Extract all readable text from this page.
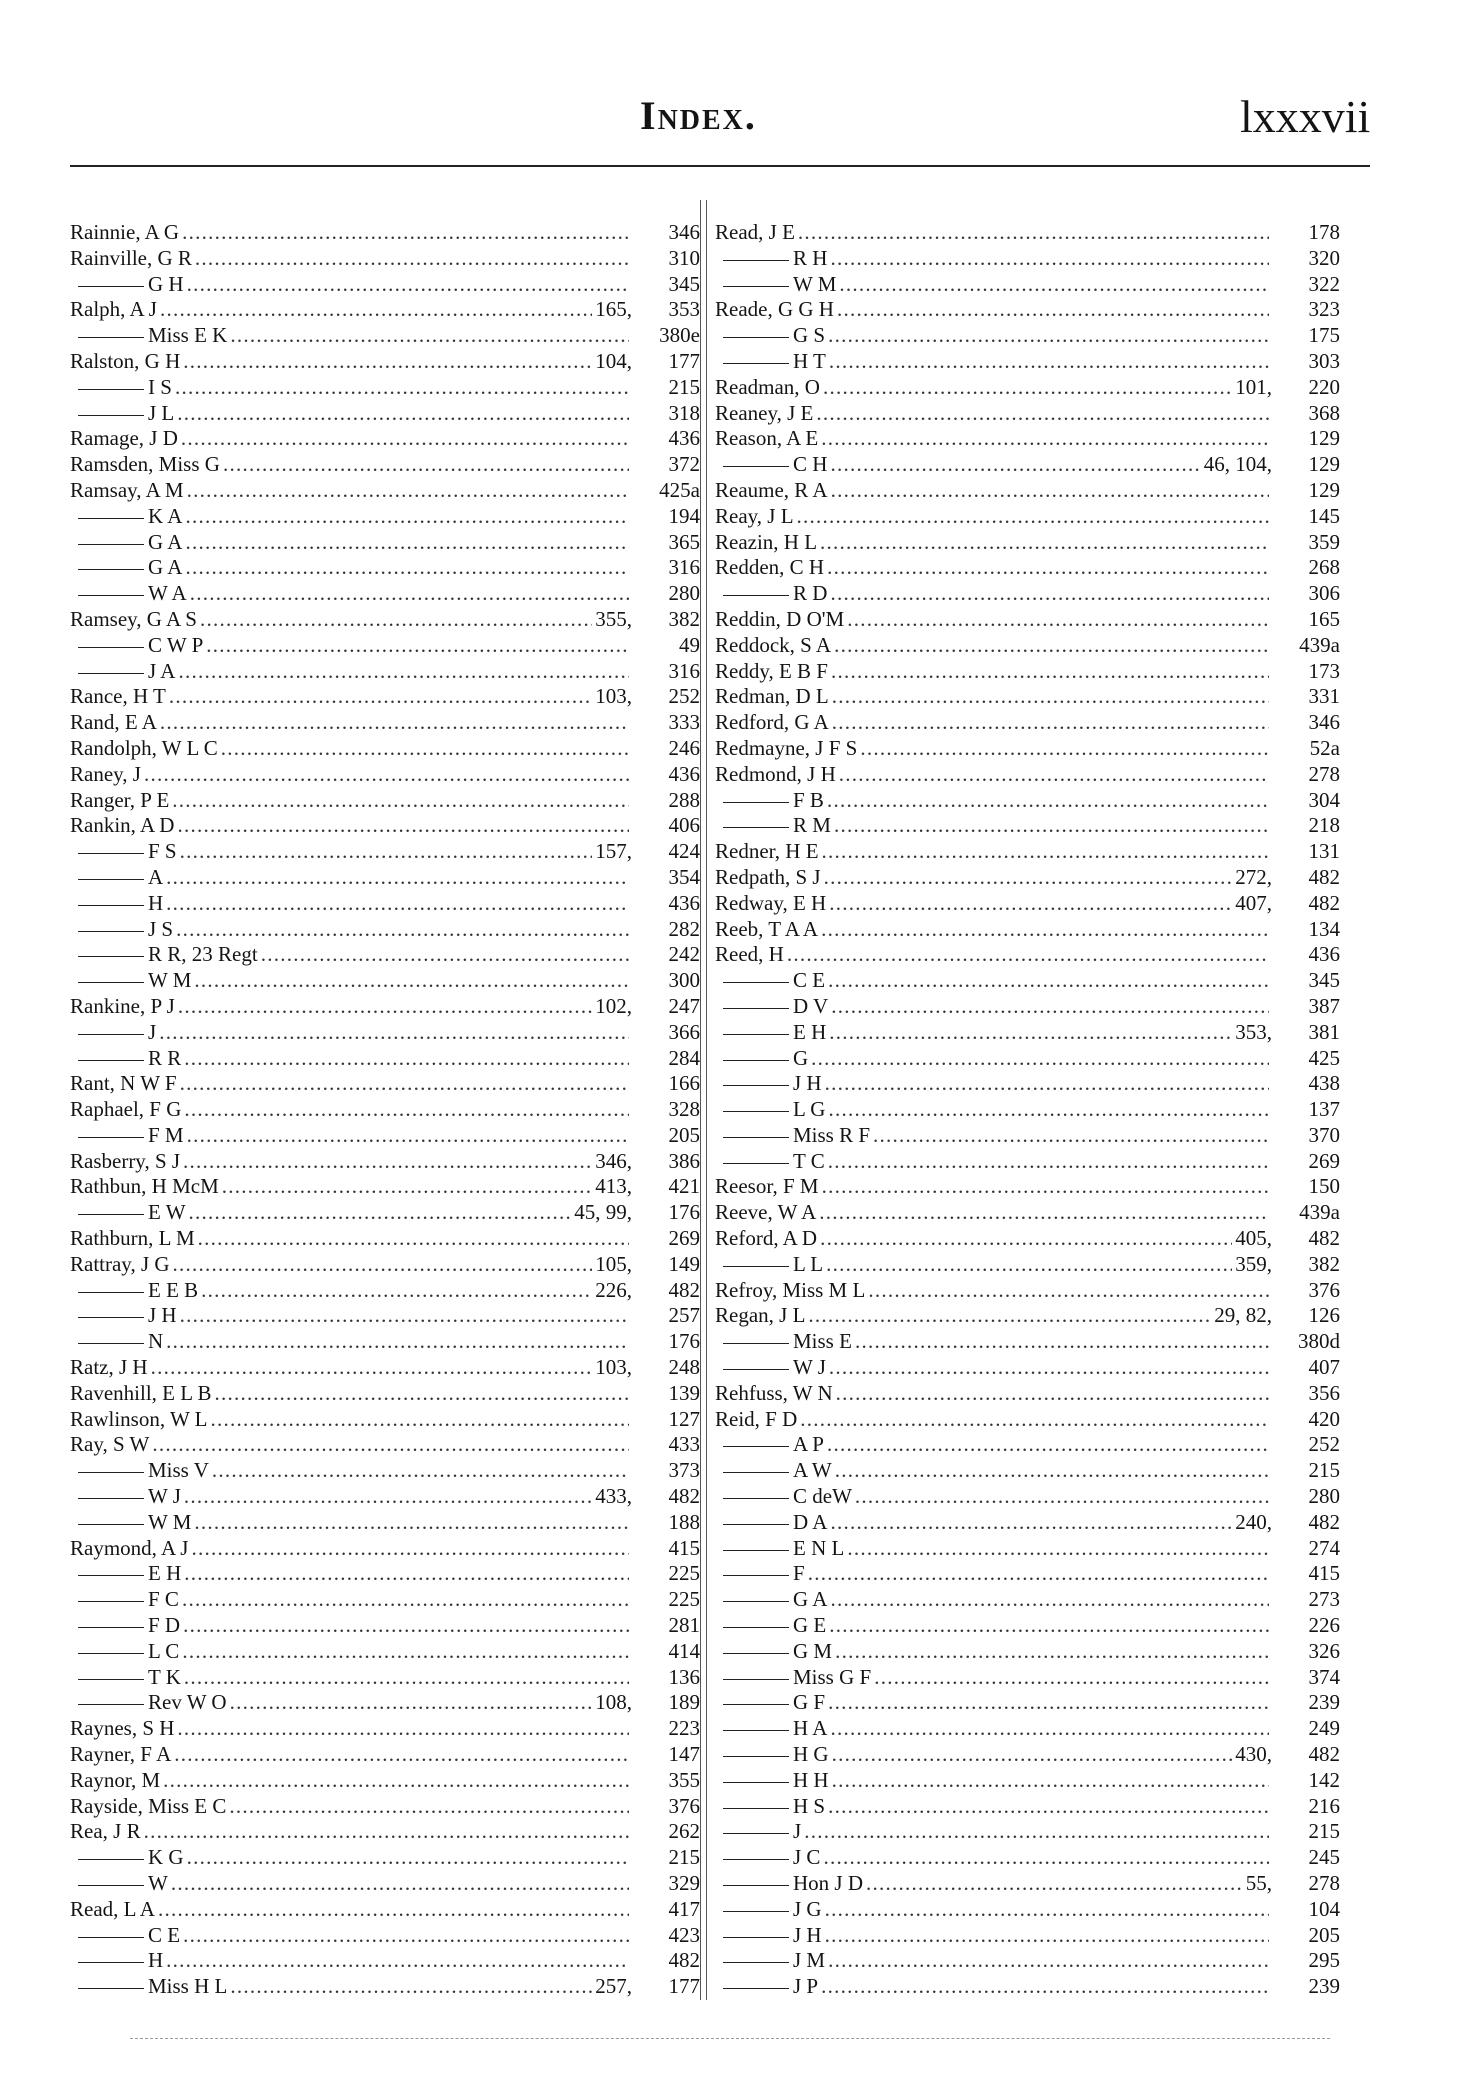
Index.	lxxxvii
Rainnie, A G . . .	346
Rainville, G R . . .	310
G H . . .	345
Ralph, A J . . .	165,	353
Miss E K . . .	380e
Ralston, G H . . .	104,	177
I S . . .	215
J L . . .	318
Ramage, J D . . .	436
Ramsden, Miss G . . .	372
Ramsay, A M . . .	425a
K A . . .	194
G A . . .	365
G A . . .	316
W A . . .	280
Ramsey, G A S . . .	355,	382
C W P . . .	49
J A . . .	316
Rance, H T . . .	103,	252
Rand, E A . . .	333
Randolph, W L C . . .	246
Raney, J . . .	436
Ranger, P E . . .	288
Rankin, A D . . .	406
F S . . .	157,	424
A . . .	354
H . . .	436
J S . . .	282
R R, 23 Regt . . .	242
W M . . .	300
Rankine, P J . . .	102,	247
J . . .	366
R R . . .	284
Rant, N W F . . .	166
Raphael, F G . . .	328
F M . . .	205
Rasberry, S J . . .	346,	386
Rathbun, H McM . . .	413,	421
E W . . .	45, 99,	176
Rathburn, L M . . .	269
Rattray, J G . . .	105,	149
E E B . . .	226,	482
J H . . .	257
N . . .	176
Ratz, J H . . .	103,	248
Ravenhill, E L B . . .	139
Rawlinson, W L . . .	127
Ray, S W . . .	433
Miss V . . .	373
W J . . .	433,	482
W M . . .	188
Raymond, A J . . .	415
E H . . .	225
F C . . .	225
F D . . .	281
L C . . .	414
T K . . .	136
Rev W O . . .	108,	189
Raynes, S H . . .	223
Rayner, F A . . .	147
Raynor, M . . .	355
Rayside, Miss E C . . .	376
Rea, J R . . .	262
K G . . .	215
W . . .	329
Read, L A . . .	417
C E . . .	423
H . . .	482
Miss H L . . .	257,	177
Read, J E . . .	178
R H . . .	320
W M . . .	322
Reade, G G H . . .	323
G S . . .	175
H T . . .	303
Readman, O . . .	101,	220
Reaney, J E . . .	368
Reason, A E . . .	129
C H . . .	46, 104,	129
Reaume, R A . . .	129
Reay, J L . . .	145
Reazin, H L . . .	359
Redden, C H . . .	268
R D . . .	306
Reddin, D O'M . . .	165
Reddock, S A . . .	439a
Reddy, E B F . . .	173
Redman, D L . . .	331
Redford, G A . . .	346
Redmayne, J F S . . .	52a
Redmond, J H . . .	278
F B . . .	304
R M . . .	218
Redner, H E . . .	131
Redpath, S J . . .	272,	482
Redway, E H . . .	407,	482
Reeb, T A A . . .	134
Reed, H . . .	436
C E . . .	345
D V . . .	387
E H . . .	353,	381
G . . .	425
J H . . .	438
L G . . .	137
Miss R F . . .	370
T C . . .	269
Reesor, F M . . .	150
Reeve, W A . . .	439a
Reford, A D . . .	405,	482
L L . . .	359,	382
Refroy, Miss M L . . .	376
Regan, J L . . .	29, 82,	126
Miss E . . .	380d
W J . . .	407
Rehfuss, W N . . .	356
Reid, F D . . .	420
A P . . .	252
A W . . .	215
C deW . . .	280
D A . . .	240,	482
E N L . . .	274
F . . .	415
G A . . .	273
G E . . .	226
G M . . .	326
Miss G F . . .	374
G F . . .	239
H A . . .	249
H G . . .	430,	482
H H . . .	142
H S . . .	216
J . . .	215
J C . . .	245
Hon J D . . .	55,	278
J G . . .	104
J H . . .	205
J M . . .	295
J P . . .	239
